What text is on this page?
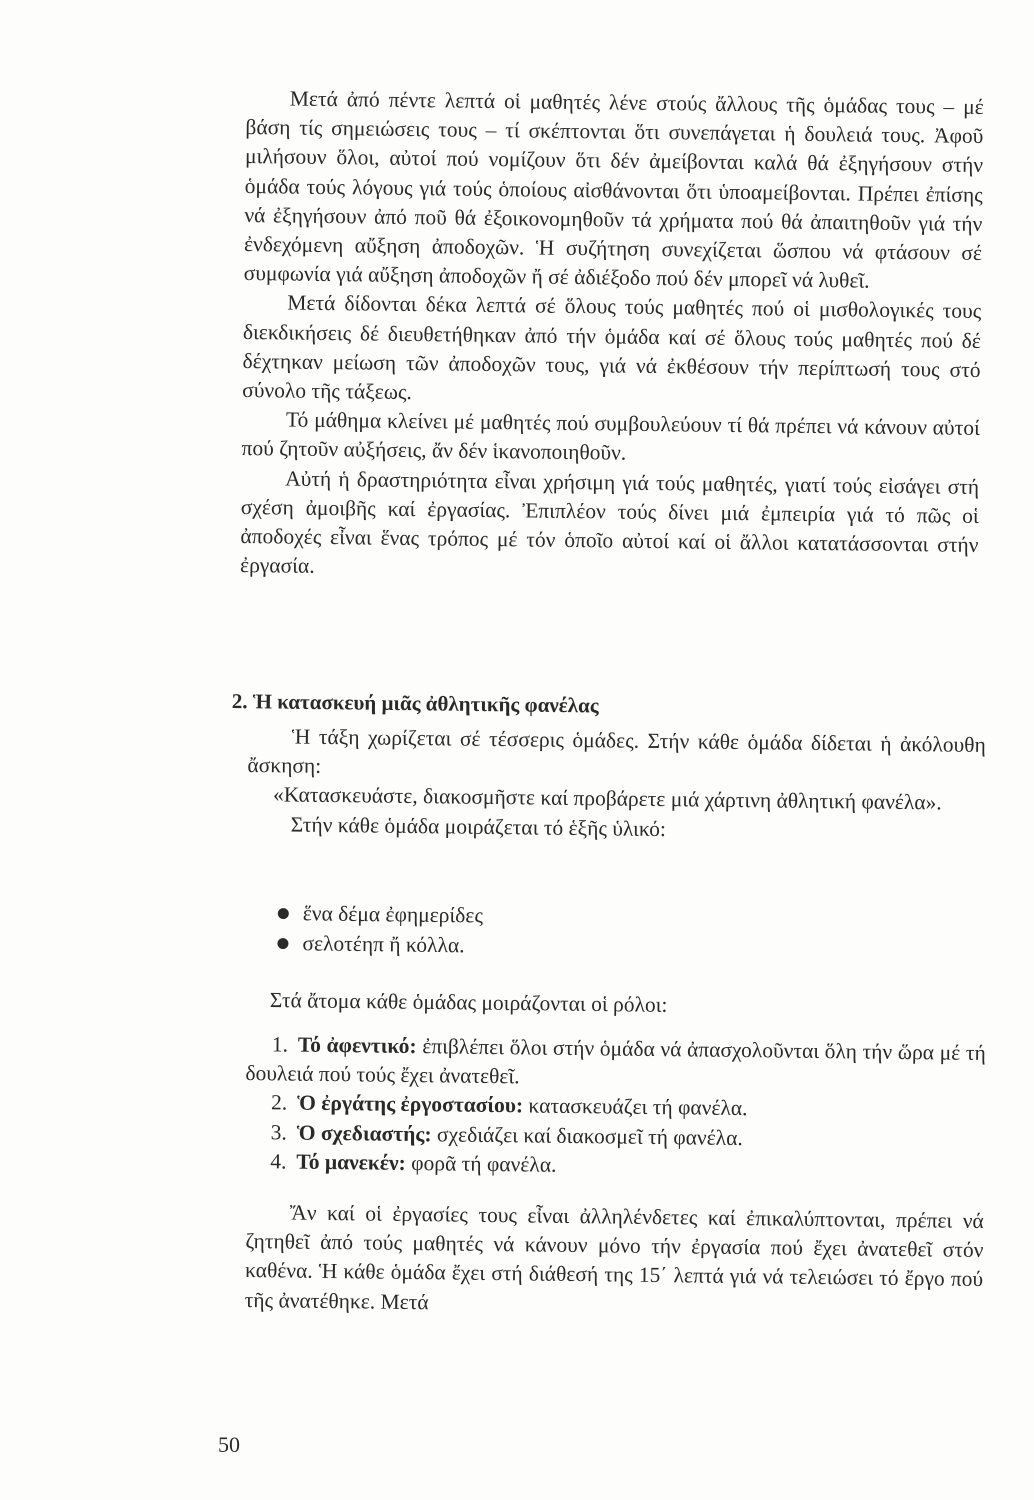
Μετά ἀπό πέντε λεπτά οἱ μαθητές λένε στούς ἄλλους τῆς ὁμάδας τους – μέ βάση τίς σημειώσεις τους – τί σκέπτονται ὅτι συνεπάγεται ἡ δουλειά τους. Ἀφοῦ μιλήσουν ὅλοι, αὐτοί πού νομίζουν ὅτι δέν ἀμείβονται καλά θά ἐξηγήσουν στήν ὁμάδα τούς λόγους γιά τούς ὁποίους αἰσθάνονται ὅτι ὑποαμείβονται. Πρέπει ἐπίσης νά ἐξηγήσουν ἀπό ποῦ θά ἐξοικονομηθοῦν τά χρήματα πού θά ἀπαιτηθοῦν γιά τήν ἐνδεχόμενη αὔξηση ἀποδοχῶν. Ἡ συζήτηση συνεχίζεται ὥσπου νά φτάσουν σέ συμφωνία γιά αὔξηση ἀποδοχῶν ἤ σέ ἀδιέξοδο πού δέν μπορεῖ νά λυθεῖ.

Μετά δίδονται δέκα λεπτά σέ ὅλους τούς μαθητές πού οἱ μισθολογικές τους διεκδικήσεις δέ διευθετήθηκαν ἀπό τήν ὁμάδα καί σέ ὅλους τούς μαθητές πού δέ δέχτηκαν μείωση τῶν ἀποδοχῶν τους, γιά νά ἐκθέσουν τήν περίπτωσή τους στό σύνολο τῆς τάξεως.

Τό μάθημα κλείνει μέ μαθητές πού συμβουλεύουν τί θά πρέπει νά κάνουν αὐτοί πού ζητοῦν αὐξήσεις, ἄν δέν ἱκανοποιηθοῦν.

Αὐτή ἡ δραστηριότητα εἶναι χρήσιμη γιά τούς μαθητές, γιατί τούς εἰσάγει στή σχέση ἀμοιβῆς καί ἐργασίας. Ἐπιπλέον τούς δίνει μιά ἐμπειρία γιά τό πῶς οἱ ἀποδοχές εἶναι ἕνας τρόπος μέ τόν ὁποῖο αὐτοί καί οἱ ἄλλοι κατατάσσονται στήν ἐργασία.

2. Ἡ κατασκευή μιᾶς ἀθλητικῆς φανέλας

Ἡ τάξη χωρίζεται σέ τέσσερις ὁμάδες. Στήν κάθε ὁμάδα δίδεται ἡ ἀκόλουθη ἄσκηση:

«Κατασκευάστε, διακοσμῆστε καί προβάρετε μιά χάρτινη ἀθλητική φανέλα».

Στήν κάθε ὁμάδα μοιράζεται τό ἑξῆς ὑλικό:

ἕνα δέμα ἐφημερίδες
σελοτέηπ ἤ κόλλα.

Στά ἄτομα κάθε ὁμάδας μοιράζονται οἱ ρόλοι:

1. Τό ἀφεντικό: ἐπιβλέπει ὅλοι στήν ὁμάδα νά ἀπασχολοῦνται ὅλη τήν ὥρα μέ τή δουλειά πού τούς ἔχει ἀνατεθεῖ.

2. Ὁ ἐργάτης ἐργοστασίου: κατασκευάζει τή φανέλα.

3. Ὁ σχεδιαστής: σχεδιάζει καί διακοσμεῖ τή φανέλα.

4. Τό μανεκέν: φορᾶ τή φανέλα.

Ἄν καί οἱ ἐργασίες τους εἶναι ἀλληλένδετες καί ἐπικαλύπτονται, πρέπει νά ζητηθεῖ ἀπό τούς μαθητές νά κάνουν μόνο τήν ἐργασία πού ἔχει ἀνατεθεῖ στόν καθένα. Ἡ κάθε ὁμάδα ἔχει στή διάθεσή της 15΄ λεπτά γιά νά τελειώσει τό ἔργο πού τῆς ἀνατέθηκε. Μετά

50
